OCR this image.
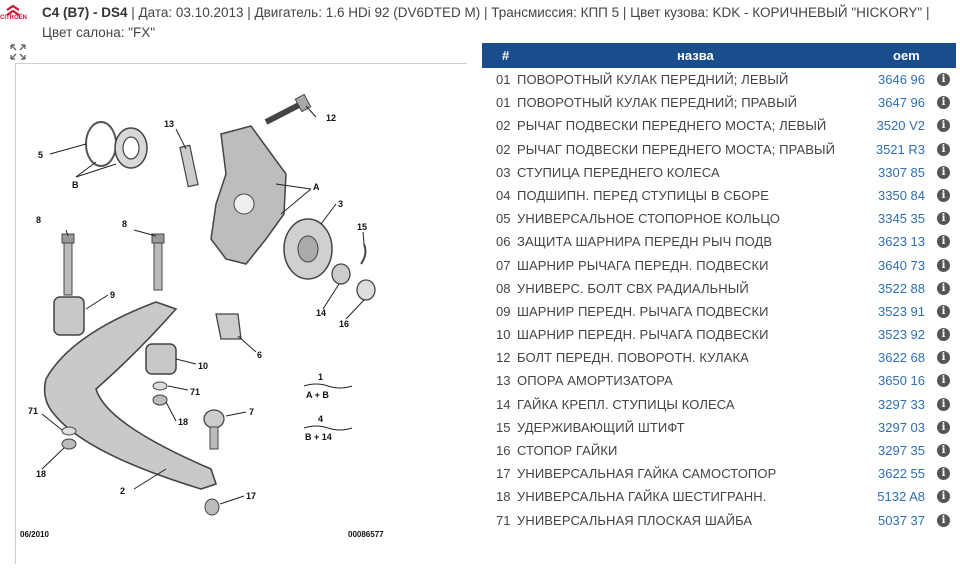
CITROËN C4 (B7) - DS4 | Дата: 03.10.2013 | Двигатель: 1.6 HDi 92 (DV6DTED M) | Трансмиссия: КПП 5 | Цвет кузова: KDK - КОРИЧНЕВЫЙ "HICKORY" | Цвет салона: "FX"
5
B
13
12
A
3
15
8	8
9
14
16
10
6
71
18
7
71
18
2	17
1
A + B
4
B + 14
06/2010	00086577
#	назва	oem
01 ПОВОРОТНЫЙ КУЛАК ПЕРЕДНИЙ; ЛЕВЫЙ	3646 96	i
01 ПОВОРОТНЫЙ КУЛАК ПЕРЕДНИЙ; ПРАВЫЙ	3647 96	i
02 РЫЧАГ ПОДВЕСКИ ПЕРЕДНЕГО МОСТА; ЛЕВЫЙ	3520 V2	i
02 РЫЧАГ ПОДВЕСКИ ПЕРЕДНЕГО МОСТА; ПРАВЫЙ	3521 R3	i
03 СТУПИЦА ПЕРЕДНЕГО КОЛЕСА	3307 85	i
04 ПОДШИПН. ПЕРЕД СТУПИЦЫ В СБОРЕ	3350 84	i
05 УНИВЕРСАЛЬНОЕ СТОПОРНОЕ КОЛЬЦО	3345 35	i
06 ЗАЩИТА ШАРНИРА ПЕРЕДН РЫЧ ПОДВ	3623 13	i
07 ШАРНИР РЫЧАГА ПЕРЕДН. ПОДВЕСКИ	3640 73	i
08 УНИВЕРС. БОЛТ СВХ РАДИАЛЬНЫЙ	3522 88	i
09 ШАРНИР ПЕРЕДН. РЫЧАГА ПОДВЕСКИ	3523 91	i
10 ШАРНИР ПЕРЕДН. РЫЧАГА ПОДВЕСКИ	3523 92	i
12 БОЛТ ПЕРЕДН. ПОВОРОТН. КУЛАКА	3622 68	i
13 ОПОРА АМОРТИЗАТОРА	3650 16	i
14 ГАЙКА КРЕПЛ. СТУПИЦЫ КОЛЕСА	3297 33	i
15 УДЕРЖИВАЮЩИЙ ШТИФТ	3297 03	i
16 СТОПОР ГАЙКИ	3297 35	i
17 УНИВЕРСАЛЬНАЯ ГАЙКА САМОСТОПОР	3622 55	i
18 УНИВЕРСАЛЬНА ГАЙКА ШЕСТИГРАНН.	5132 A8	i
71 УНИВЕРСАЛЬНАЯ ПЛОСКАЯ ШАЙБА	5037 37	i
